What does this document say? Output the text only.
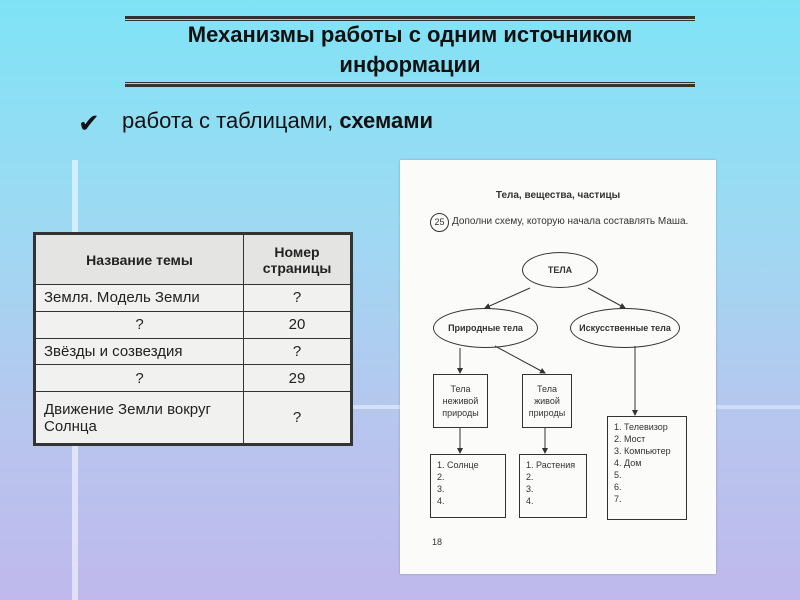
Механизмы работы с одним источником
информации
✔ работа с таблицами, схемами
Название темы	Номер страницы
Земля. Модель Земли	?
?	20
Звёзды и созвездия	?
?	29
Движение Земли вокруг Солнца	?
Тела, вещества, частицы
25 Дополни схему, которую начала составлять Маша.
ТЕЛА
Природные тела	Искусственные тела
Тела неживой природы
Тела живой природы
1. Солнце
2.
3.
4.
1. Растения
2.
3.
4.
1. Телевизор
2. Мост
3. Компьютер
4. Дом
5.
6.
7.
18
